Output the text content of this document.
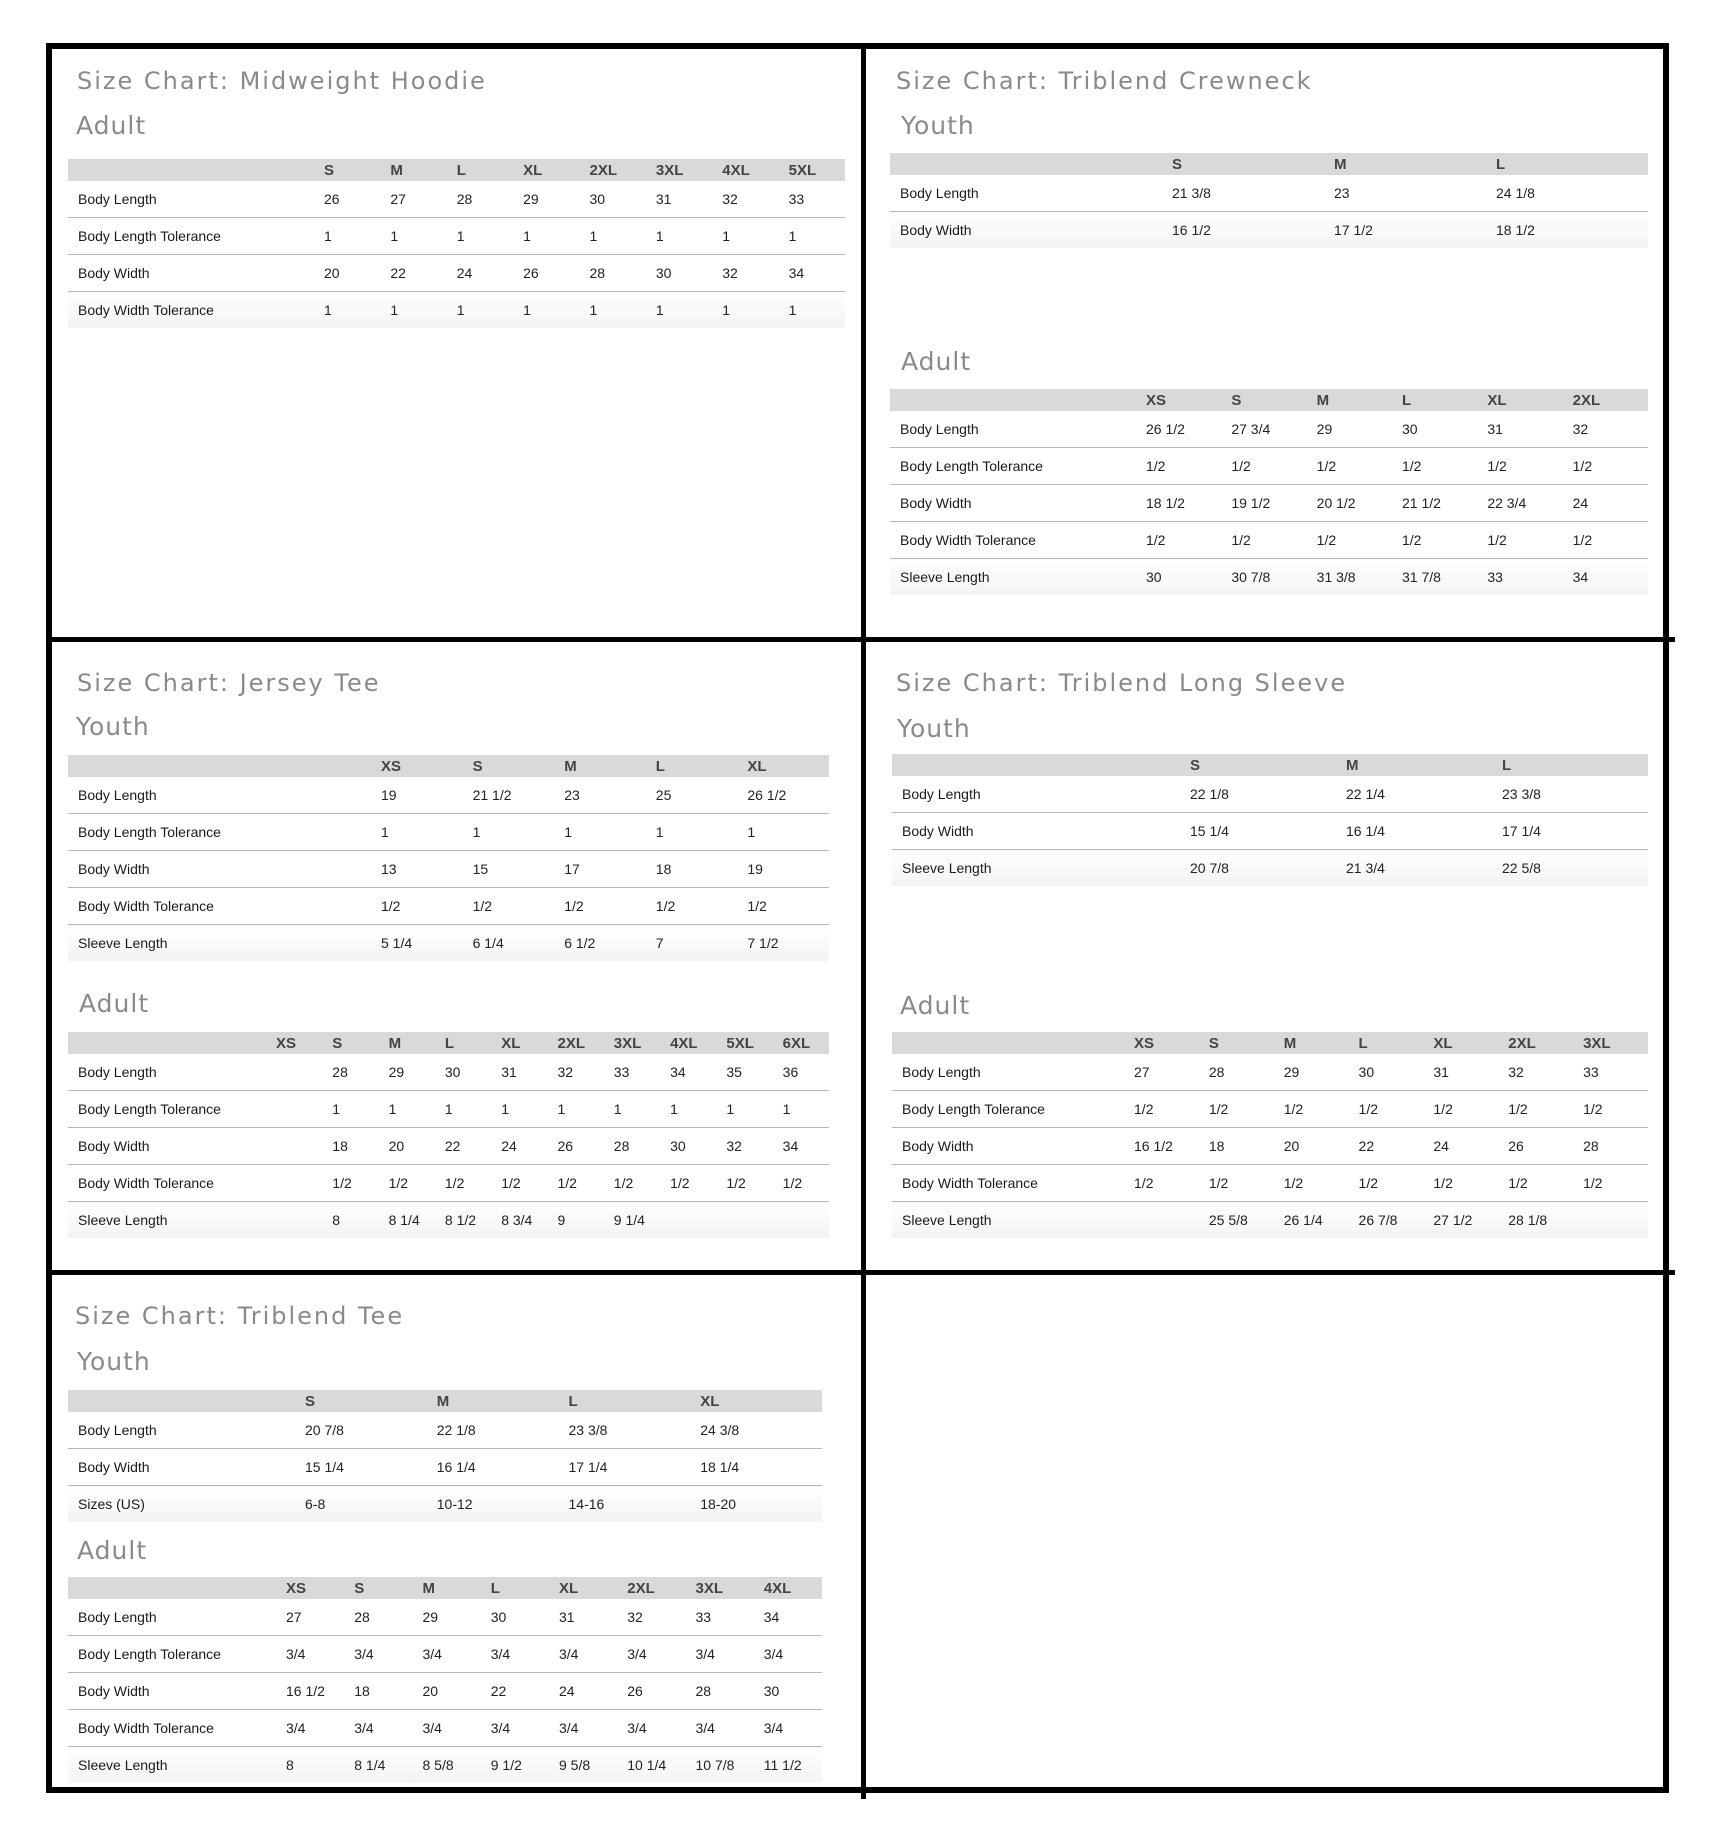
Size Chart: Midweight Hoodie
Adult
	S	M	L	XL	2XL	3XL	4XL	5XL
Body Length	26	27	28	29	30	31	32	33
Body Length Tolerance	1	1	1	1	1	1	1	1
Body Width	20	22	24	26	28	30	32	34
Body Width Tolerance	1	1	1	1	1	1	1	1
Size Chart: Triblend Crewneck
Youth
	S	M	L
Body Length	21 3/8	23	24 1/8
Body Width	16 1/2	17 1/2	18 1/2
Adult
	XS	S	M	L	XL	2XL
Body Length	26 1/2	27 3/4	29	30	31	32
Body Length Tolerance	1/2	1/2	1/2	1/2	1/2	1/2
Body Width	18 1/2	19 1/2	20 1/2	21 1/2	22 3/4	24
Body Width Tolerance	1/2	1/2	1/2	1/2	1/2	1/2
Sleeve Length	30	30 7/8	31 3/8	31 7/8	33	34
Size Chart: Jersey Tee
Youth
	XS	S	M	L	XL
Body Length	19	21 1/2	23	25	26 1/2
Body Length Tolerance	1	1	1	1	1
Body Width	13	15	17	18	19
Body Width Tolerance	1/2	1/2	1/2	1/2	1/2
Sleeve Length	5 1/4	6 1/4	6 1/2	7	7 1/2
Adult
	XS	S	M	L	XL	2XL	3XL	4XL	5XL	6XL
Body Length		28	29	30	31	32	33	34	35	36
Body Length Tolerance		1	1	1	1	1	1	1	1	1
Body Width		18	20	22	24	26	28	30	32	34
Body Width Tolerance		1/2	1/2	1/2	1/2	1/2	1/2	1/2	1/2	1/2
Sleeve Length		8	8 1/4	8 1/2	8 3/4	9	9 1/4			
Size Chart: Triblend Long Sleeve
Youth
	S	M	L
Body Length	22 1/8	22 1/4	23 3/8
Body Width	15 1/4	16 1/4	17 1/4
Sleeve Length	20 7/8	21 3/4	22 5/8
Adult
	XS	S	M	L	XL	2XL	3XL
Body Length	27	28	29	30	31	32	33
Body Length Tolerance	1/2	1/2	1/2	1/2	1/2	1/2	1/2
Body Width	16 1/2	18	20	22	24	26	28
Body Width Tolerance	1/2	1/2	1/2	1/2	1/2	1/2	1/2
Sleeve Length		25 5/8	26 1/4	26 7/8	27 1/2	28 1/8	
Size Chart: Triblend Tee
Youth
	S	M	L	XL
Body Length	20 7/8	22 1/8	23 3/8	24 3/8
Body Width	15 1/4	16 1/4	17 1/4	18 1/4
Sizes (US)	6-8	10-12	14-16	18-20
Adult
	XS	S	M	L	XL	2XL	3XL	4XL
Body Length	27	28	29	30	31	32	33	34
Body Length Tolerance	3/4	3/4	3/4	3/4	3/4	3/4	3/4	3/4
Body Width	16 1/2	18	20	22	24	26	28	30
Body Width Tolerance	3/4	3/4	3/4	3/4	3/4	3/4	3/4	3/4
Sleeve Length	8	8 1/4	8 5/8	9 1/2	9 5/8	10 1/4	10 7/8	11 1/2
